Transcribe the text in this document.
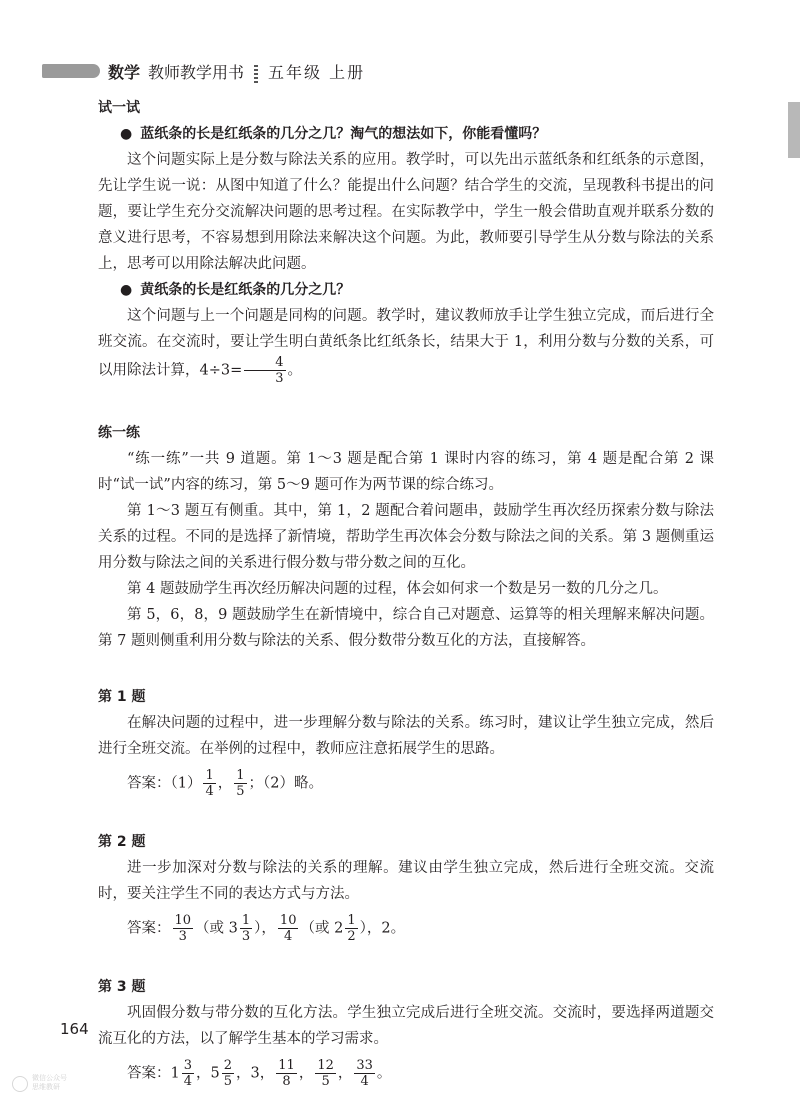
数学 教师教学用书 五年级 上册
试一试
● 蓝纸条的长是红纸条的几分之几？淘气的想法如下，你能看懂吗？

这个问题实际上是分数与除法关系的应用。教学时，可以先出示蓝纸条和红纸条的示意图，先让学生说一说：从图中知道了什么？能提出什么问题？结合学生的交流，呈现教科书提出的问题，要让学生充分交流解决问题的思考过程。在实际教学中，学生一般会借助直观并联系分数的意义进行思考，不容易想到用除法来解决这个问题。为此，教师要引导学生从分数与除法的关系上，思考可以用除法解决此问题。

● 黄纸条的长是红纸条的几分之几？

这个问题与上一个问题是同构的问题。教学时，建议教师放手让学生独立完成，而后进行全班交流。在交流时，要让学生明白黄纸条比红纸条长，结果大于 1，利用分数与分数的关系，可以用除法计算，$4\div 3= \frac{4}{3}$ 。

练一练

“练一练”一共 9 道题。第 1～3 题是配合第 1 课时内容的练习，第 4 题是配合第 2 课时“试一试”内容的练习，第 5～9 题可作为两节课的综合练习。

第 1～3 题互有侧重。其中，第 1，2 题配合着问题串，鼓励学生再次经历探索分数与除法关系的过程。不同的是选择了新情境，帮助学生再次体会分数与除法之间的关系。第 3 题侧重运用分数与除法之间的关系进行假分数与带分数之间的互化。

第 4 题鼓励学生再次经历解决问题的过程，体会如何求一个数是另一数的几分之几。

第 5，6，8，9 题鼓励学生在新情境中，综合自己对题意、运算等的相关理解来解决问题。第 7 题则侧重利用分数与除法的关系、假分数带分数互化的方法，直接解答。

第 1 题

在解决问题的过程中，进一步理解分数与除法的关系。练习时，建议让学生独立完成，然后进行全班交流。在举例的过程中，教师应注意拓展学生的思路。

答案：$(1) \frac{1}{4}$ ， $\frac{1}{5}$ ；（2）略。
第 2 题

进一步加深对分数与除法的关系的理解。建议由学生独立完成，然后进行全班交流。交流时，要关注学生不同的表达方式与方法。

答案： $\frac{10}{3}$ （或 $3 \frac{1}{3}$ ）， $\frac{10}{4}$ （或 $2 \frac{1}{2}$ ），2。
第 3 题

巩固假分数与带分数的互化方法。学生独立完成后进行全班交流。交流时，要选择两道题交流互化的方法，以了解学生基本的学习需求。

答案：$1 \frac{3}{4}$ ，$5 \frac{2}{5}$ ，3， $\frac{11}{8}$ ， $\frac{12}{5}$ ， $\frac{33}{4}$ 。
164
微信公众号 思维教研
